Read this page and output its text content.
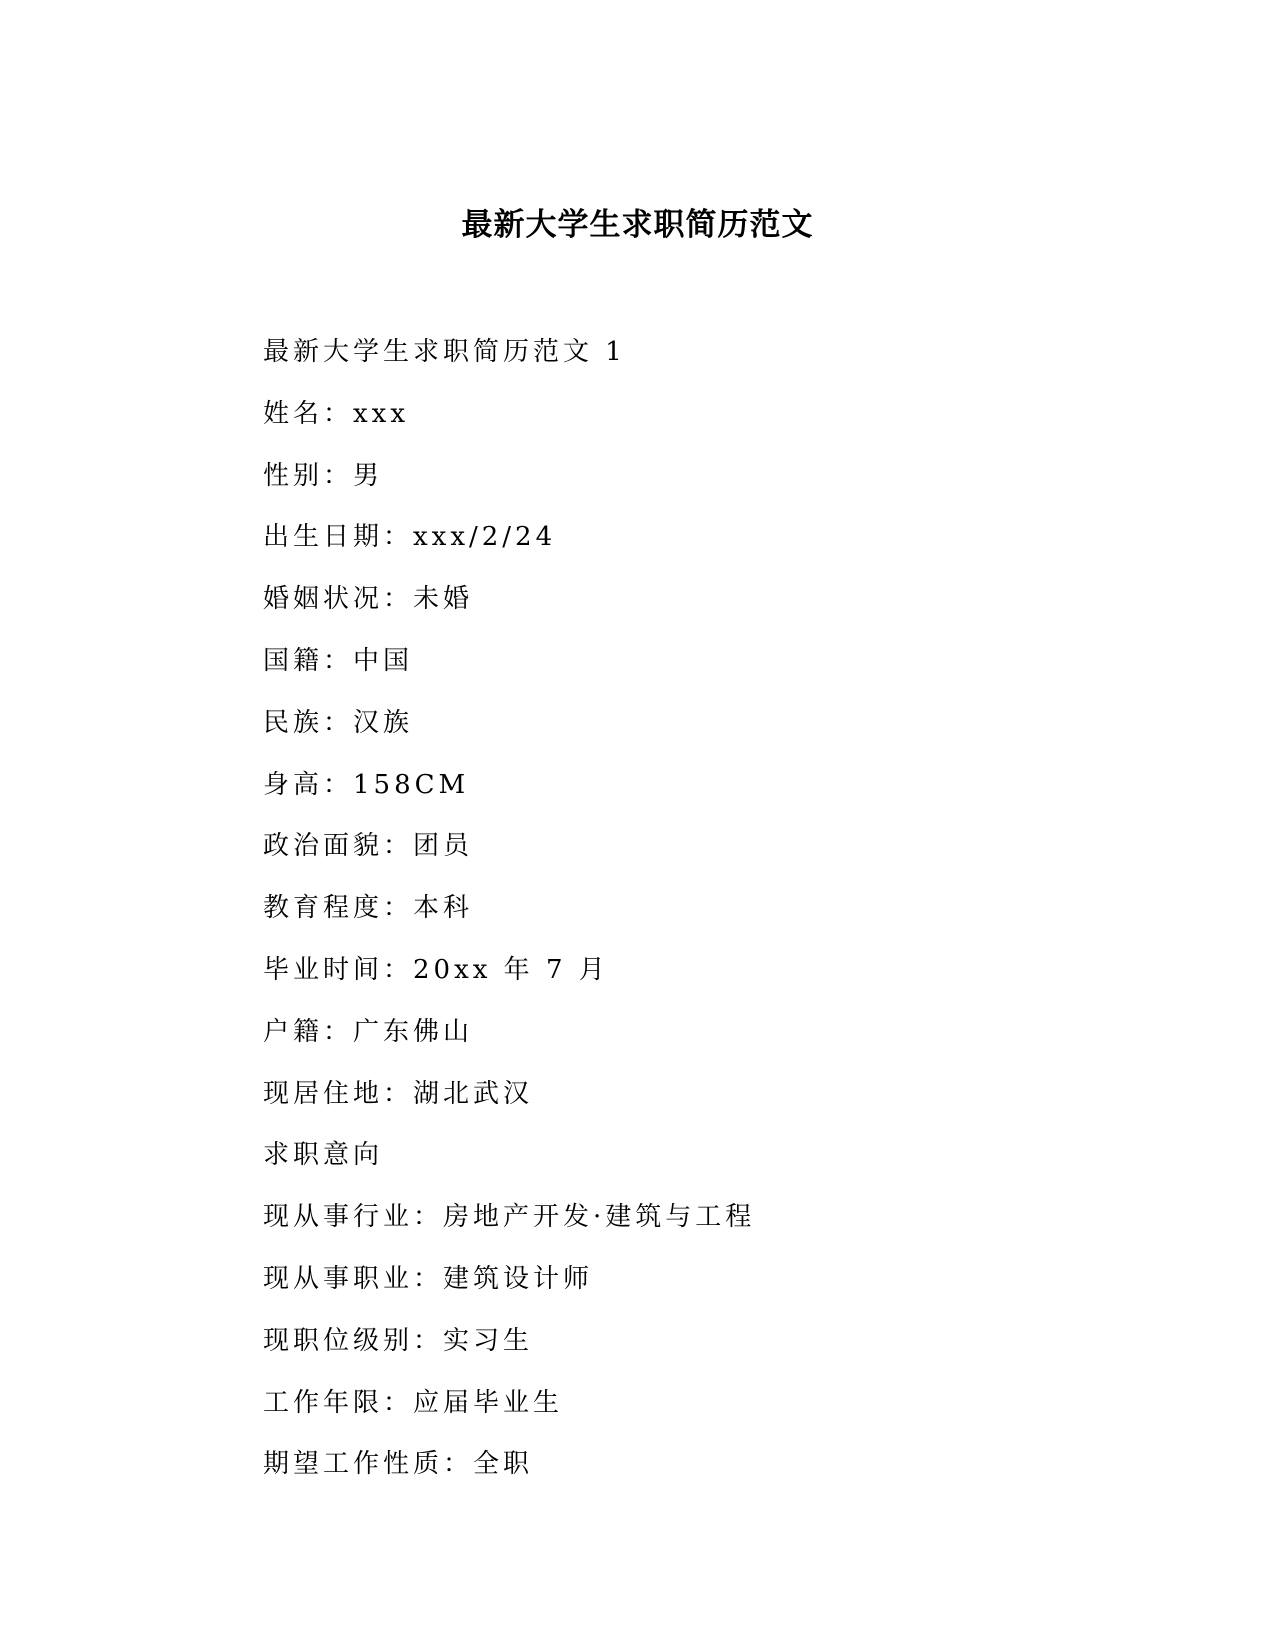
最新大学生求职简历范文
最新大学生求职简历范文 1
姓名：xxx
性别：男
出生日期：xxx/2/24
婚姻状况：未婚
国籍：中国
民族：汉族
身高：158CM
政治面貌：团员
教育程度：本科
毕业时间：20xx 年 7 月
户籍：广东佛山
现居住地：湖北武汉
求职意向
现从事行业：房地产开发·建筑与工程
现从事职业：建筑设计师
现职位级别：实习生
工作年限：应届毕业生
期望工作性质：全职
